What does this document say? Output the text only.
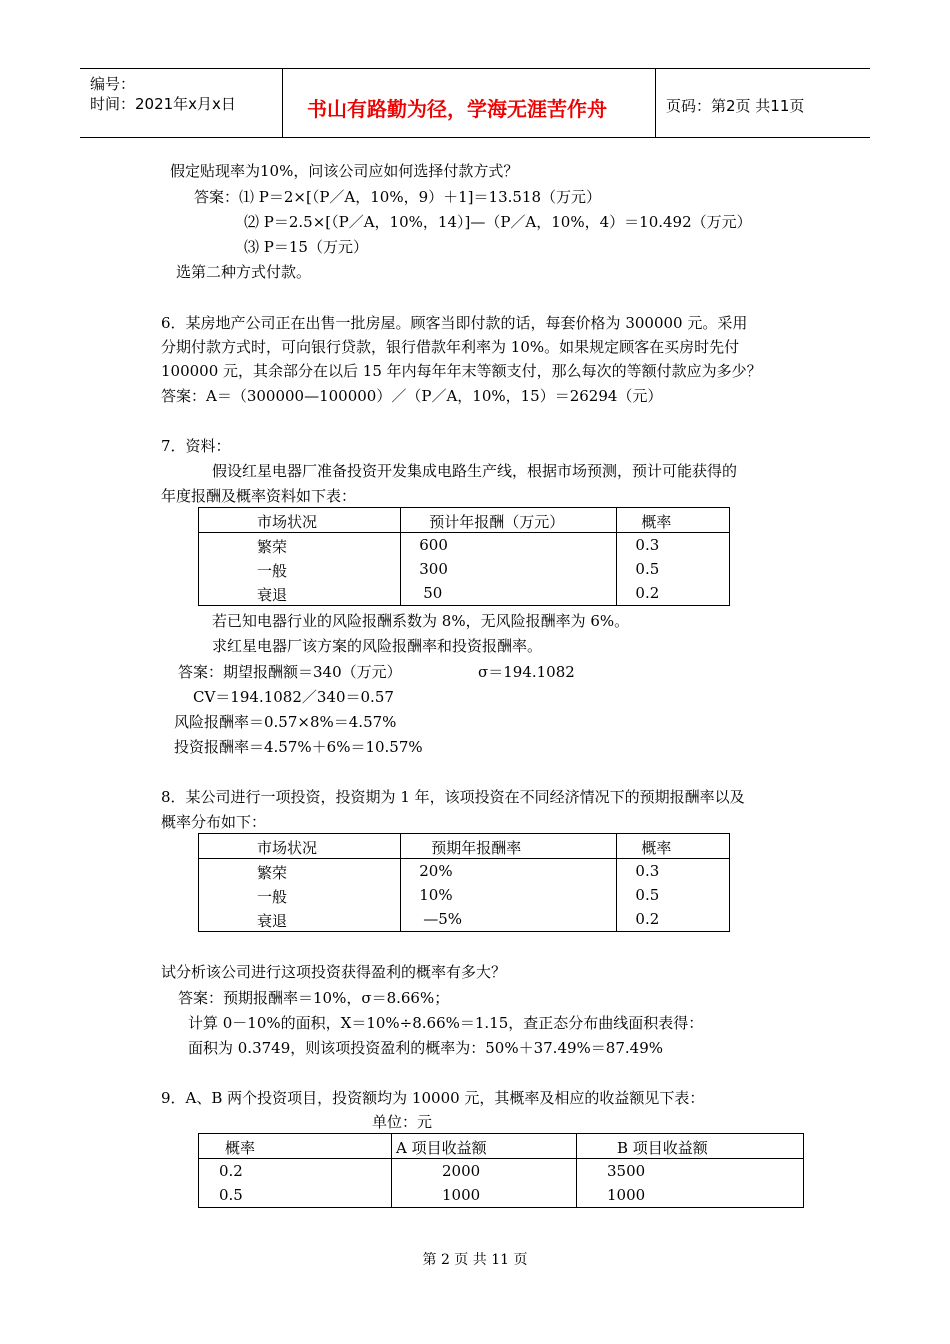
编号：
时间：2021年x月x日	书山有路勤为径，学海无涯苦作舟	页码：第2页 共11页
假定贴现率为10%，问该公司应如何选择付款方式？
答案：⑴ P＝2×[（P／A，10%，9）＋1]＝13.518（万元）
⑵ P＝2.5×[（P／A，10%，14）]—（P／A，10%，4）＝10.492（万元）
⑶ P＝15（万元）
选第二种方式付款。
6．某房地产公司正在出售一批房屋。顾客当即付款的话，每套价格为 300000 元。采用
分期付款方式时，可向银行贷款，银行借款年利率为 10%。如果规定顾客在买房时先付
100000 元，其余部分在以后 15 年内每年年末等额支付，那么每次的等额付款应为多少？
答案：A＝（300000—100000）／（P／A，10%，15）＝26294（元）
7．资料：
假设红星电器厂准备投资开发集成电路生产线，根据市场预测，预计可能获得的
年度报酬及概率资料如下表：
市场状况	预计年报酬（万元）	概率

繁荣	600	0.3

一般	300	0.5

衰退	50	0.2
若已知电器行业的风险报酬系数为 8%，无风险报酬率为 6%。
求红星电器厂该方案的风险报酬率和投资报酬率。
答案：期望报酬额＝340（万元）	σ＝194.1082
CV＝194.1082／340＝0.57
风险报酬率＝0.57×8%＝4.57%
投资报酬率＝4.57%＋6%＝10.57%
8．某公司进行一项投资，投资期为 1 年，该项投资在不同经济情况下的预期报酬率以及
概率分布如下：
市场状况	预期年报酬率	概率

繁荣	20%	0.3

一般	10%	0.5

衰退	—5%	0.2
试分析该公司进行这项投资获得盈利的概率有多大？
答案：预期报酬率＝10%，σ＝8.66%；
计算 0－10%的面积，X＝10%÷8.66%＝1.15，查正态分布曲线面积表得：
面积为 0.3749，则该项投资盈利的概率为：50%＋37.49%＝87.49%
9．A、B 两个投资项目，投资额均为 10000 元，其概率及相应的收益额见下表：
单位：元
概率	A 项目收益额	B 项目收益额

0.2	2000	3500

0.5	1000	1000
第 2 页 共 11 页
